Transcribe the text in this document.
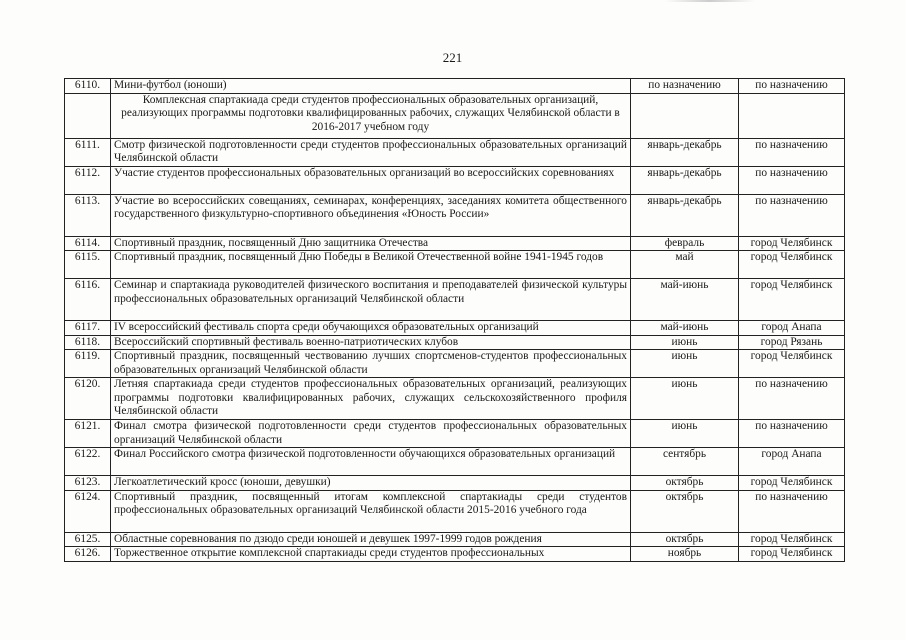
221
6110.	Мини-футбол (юноши)	по назначению	по назначению
	Комплексная спартакиада среди студентов профессиональных образовательных организаций, реализующих программы подготовки квалифицированных рабочих, служащих Челябинской области в 2016-2017 учебном году		
6111.	Смотр физической подготовленности среди студентов профессиональных образовательных организаций Челябинской области	январь-декабрь	по назначению
6112.	Участие студентов профессиональных образовательных организаций во всероссийских соревнованиях	январь-декабрь	по назначению
6113.	Участие во всероссийских совещаниях, семинарах, конференциях, заседаниях комитета общественного государственного физкультурно-спортивного объединения «Юность России»	январь-декабрь	по назначению
6114.	Спортивный праздник, посвященный Дню защитника Отечества	февраль	город Челябинск
6115.	Спортивный праздник, посвященный Дню Победы в Великой Отечественной войне 1941-1945 годов	май	город Челябинск
6116.	Семинар и спартакиада руководителей физического воспитания и преподавателей физической культуры профессиональных образовательных организаций Челябинской области	май-июнь	город Челябинск
6117.	IV всероссийский фестиваль спорта среди обучающихся образовательных организаций	май-июнь	город Анапа
6118.	Всероссийский спортивный фестиваль военно-патриотических клубов	июнь	город Рязань
6119.	Спортивный праздник, посвященный чествованию лучших спортсменов-студентов профессиональных образовательных организаций Челябинской области	июнь	город Челябинск
6120.	Летняя спартакиада среди студентов профессиональных образовательных организаций, реализующих программы подготовки квалифицированных рабочих, служащих сельскохозяйственного профиля Челябинской области	июнь	по назначению
6121.	Финал смотра физической подготовленности среди студентов профессиональных образовательных организаций Челябинской области	июнь	по назначению
6122.	Финал Российского смотра физической подготовленности обучающихся образовательных организаций	сентябрь	город Анапа
6123.	Легкоатлетический кросс (юноши, девушки)	октябрь	город Челябинск
6124.	Спортивный праздник, посвященный итогам комплексной спартакиады среди студентов профессиональных образовательных организаций Челябинской области 2015-2016 учебного года	октябрь	по назначению
6125.	Областные соревнования по дзюдо среди юношей и девушек 1997-1999 годов рождения	октябрь	город Челябинск
6126.	Торжественное открытие комплексной спартакиады среди студентов профессиональных	ноябрь	город Челябинск
